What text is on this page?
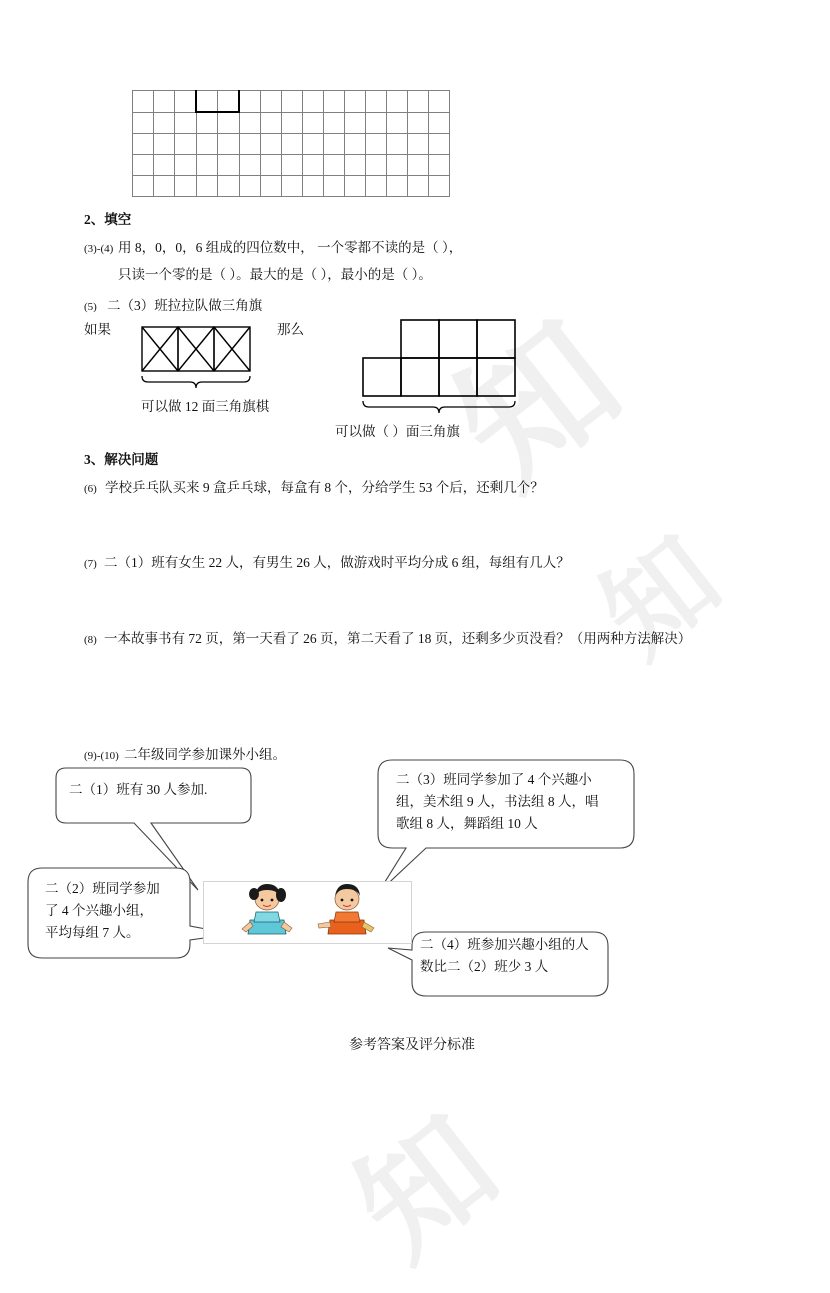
知
知
知

2、填空
(3)-(4) 用 8，0，0，6 组成的四位数中， 一个零都不读的是（ ），
只读一个零的是（ ）。最大的是（ ），最小的是（ ）。
(5) 二（3）班拉拉队做三角旗
如果	那么
可以做 12 面三角旗棋
可以做（ ）面三角旗
3、解决问题
(6) 学校乒乓队买来 9 盒乒乓球，每盒有 8 个，分给学生 53 个后，还剩几个？
(7) 二（1）班有女生 22 人，有男生 26 人，做游戏时平均分成 6 组，每组有几人？
(8) 一本故事书有 72 页，第一天看了 26 页，第二天看了 18 页，还剩多少页没看？（用两种方法解决）
(9)-(10) 二年级同学参加课外小组。
二（1）班有 30 人参加.
二（3）班同学参加了 4 个兴趣小
组，美术组 9 人，书法组 8 人，唱
歌组 8 人，舞蹈组 10 人
二（2）班同学参加
了 4 个兴趣小组，
平均每组 7 人。
二（4）班参加兴趣小组的人
数比二（2）班少 3 人
参考答案及评分标准
